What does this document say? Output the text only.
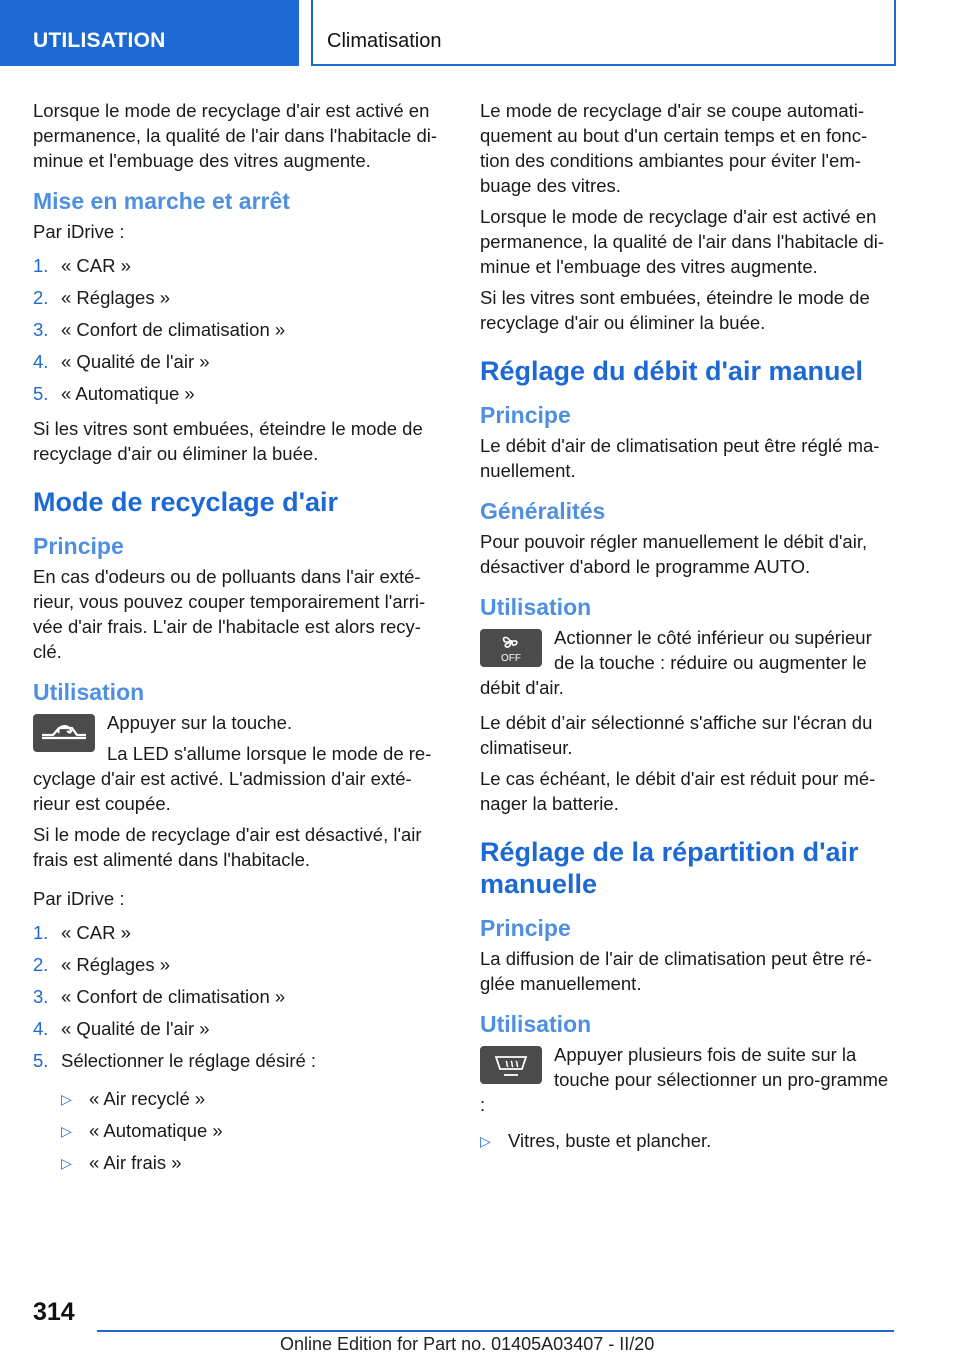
UTILISATION	Climatisation

Lorsque le mode de recyclage d'air est activé en permanence, la qualité de l'air dans l'habitacle di-minue et l'embuage des vitres augmente.

Mise en marche et arrêt

Par iDrive :

1. « CAR »
2. « Réglages »
3. « Confort de climatisation »
4. « Qualité de l'air »
5. « Automatique »

Si les vitres sont embuées, éteindre le mode de recyclage d'air ou éliminer la buée.

Mode de recyclage d'air
Principe

En cas d'odeurs ou de polluants dans l'air exté-rieur, vous pouvez couper temporairement l'arri-vée d'air frais. L'air de l'habitacle est alors recy-clé.

Utilisation

Appuyer sur la touche.

La LED s'allume lorsque le mode de re-cyclage d'air est activé. L'admission d'air exté-rieur est coupée.

Si le mode de recyclage d'air est désactivé, l'air frais est alimenté dans l'habitacle.

Par iDrive :

1. « CAR »
2. « Réglages »
3. « Confort de climatisation »
4. « Qualité de l'air »
5. Sélectionner le réglage désiré :
▷ « Air recyclé »
▷ « Automatique »
▷ « Air frais »

Le mode de recyclage d'air se coupe automati-quement au bout d'un certain temps et en fonc-tion des conditions ambiantes pour éviter l'em-buage des vitres.

Lorsque le mode de recyclage d'air est activé en permanence, la qualité de l'air dans l'habitacle di-minue et l'embuage des vitres augmente.

Si les vitres sont embuées, éteindre le mode de recyclage d'air ou éliminer la buée.

Réglage du débit d'air manuel
Principe

Le débit d'air de climatisation peut être réglé ma-nuellement.

Généralités

Pour pouvoir régler manuellement le débit d'air, désactiver d'abord le programme AUTO.

Utilisation
OFF

Actionner le côté inférieur ou supérieur de la touche : réduire ou augmenter le débit d'air.

Le débit d’air sélectionné s'affiche sur l'écran du climatiseur.

Le cas échéant, le débit d'air est réduit pour mé-nager la batterie.

Réglage de la répartition d'air manuelle
Principe

La diffusion de l'air de climatisation peut être ré-glée manuellement.

Utilisation

Appuyer plusieurs fois de suite sur la touche pour sélectionner un pro-gramme :

▷ Vitres, buste et plancher.
314
Online Edition for Part no. 01405A03407 - II/20
